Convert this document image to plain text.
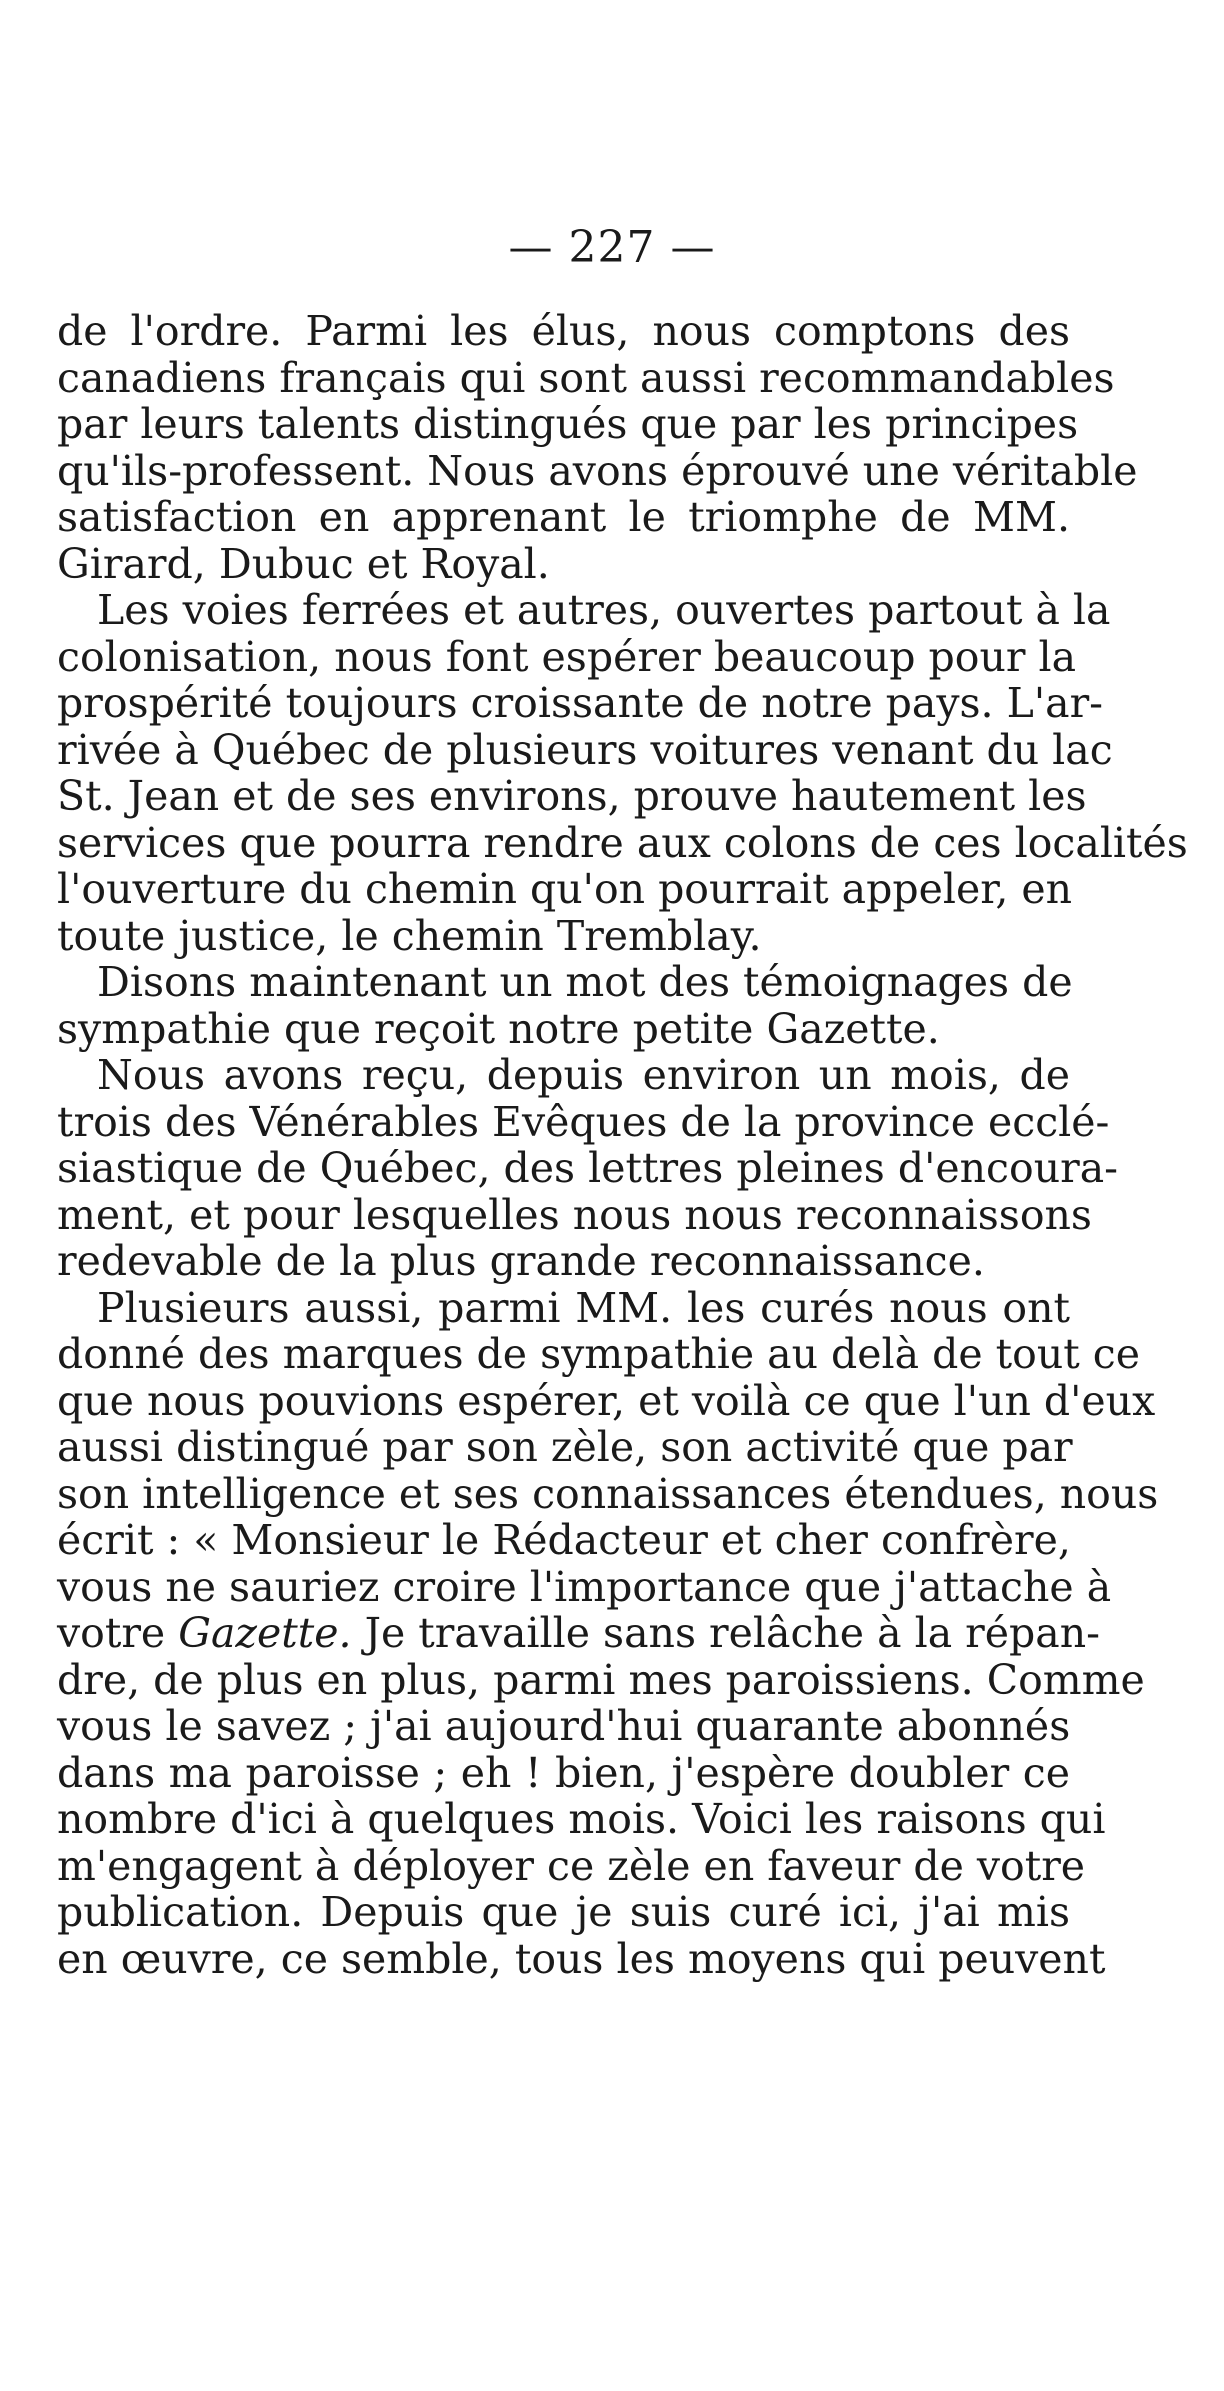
— 227 —
de l'ordre. Parmi les élus, nous comptons des
canadiens français qui sont aussi recommandables
par leurs talents distingués que par les principes
qu'ils-professent. Nous avons éprouvé une véritable
satisfaction en apprenant le triomphe de MM.
Girard, Dubuc et Royal.
Les voies ferrées et autres, ouvertes partout à la
colonisation, nous font espérer beaucoup pour la
prospérité toujours croissante de notre pays. L'ar-
rivée à Québec de plusieurs voitures venant du lac
St. Jean et de ses environs, prouve hautement les
services que pourra rendre aux colons de ces localités
l'ouverture du chemin qu'on pourrait appeler, en
toute justice, le chemin Tremblay.
Disons maintenant un mot des témoignages de
sympathie que reçoit notre petite Gazette.
Nous avons reçu, depuis environ un mois, de
trois des Vénérables Evêques de la province ecclé-
siastique de Québec, des lettres pleines d'encoura-
ment, et pour lesquelles nous nous reconnaissons
redevable de la plus grande reconnaissance.
Plusieurs aussi, parmi MM. les curés nous ont
donné des marques de sympathie au delà de tout ce
que nous pouvions espérer, et voilà ce que l'un d'eux
aussi distingué par son zèle, son activité que par
son intelligence et ses connaissances étendues, nous
écrit : « Monsieur le Rédacteur et cher confrère,
vous ne sauriez croire l'importance que j'attache à
votre Gazette. Je travaille sans relâche à la répan-
dre, de plus en plus, parmi mes paroissiens. Comme
vous le savez ; j'ai aujourd'hui quarante abonnés
dans ma paroisse ; eh ! bien, j'espère doubler ce
nombre d'ici à quelques mois. Voici les raisons qui
m'engagent à déployer ce zèle en faveur de votre
publication. Depuis que je suis curé ici, j'ai mis
en œuvre, ce semble, tous les moyens qui peuvent
